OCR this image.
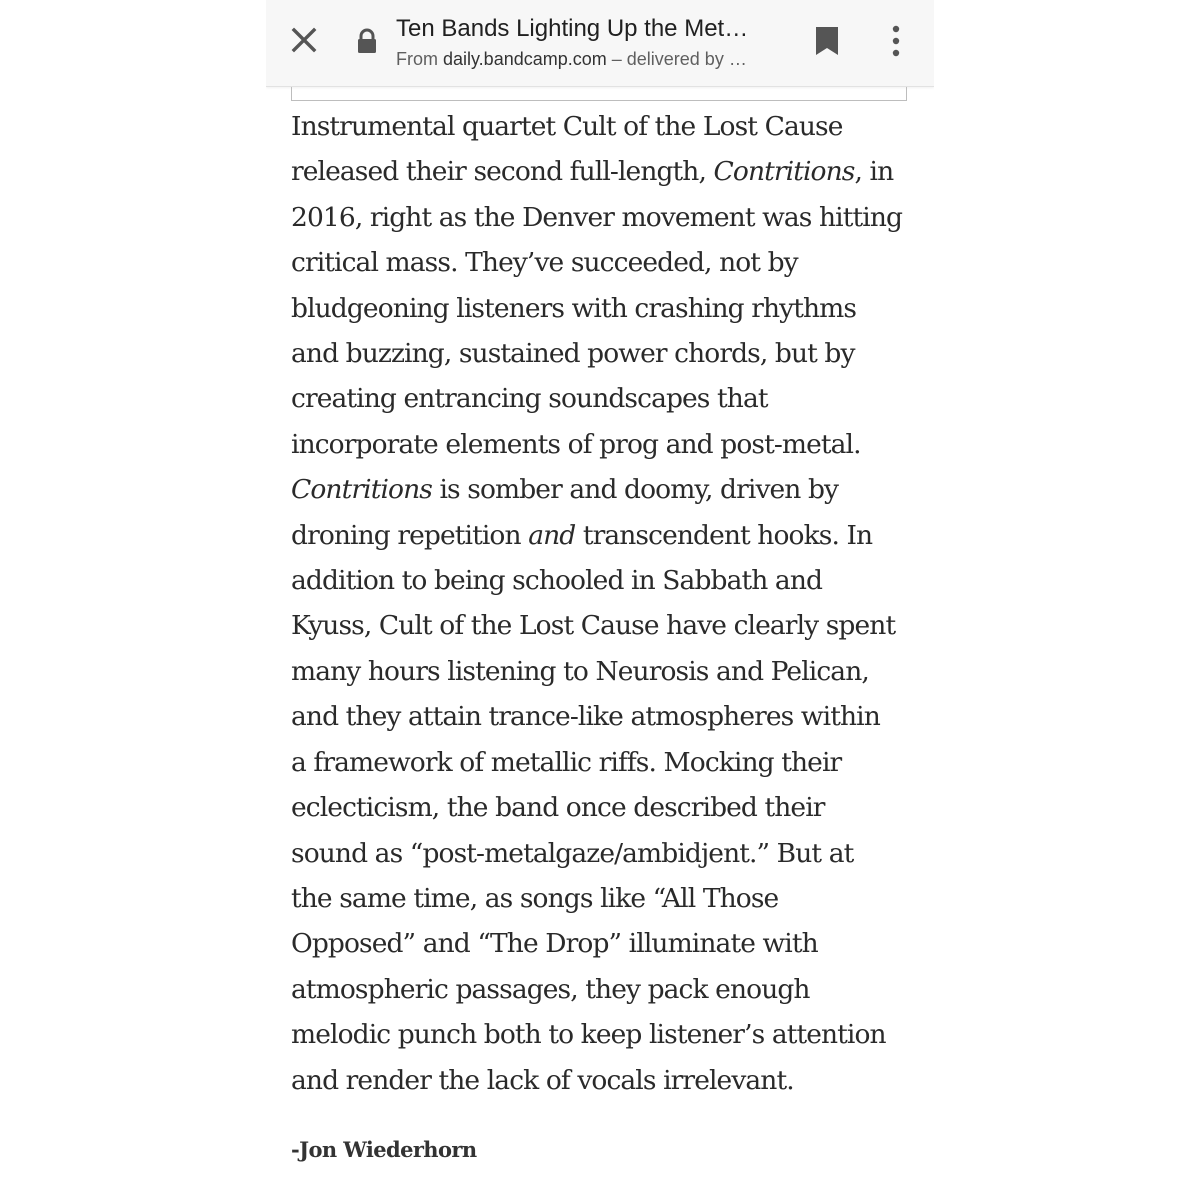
Ten Bands Lighting Up the Met…
From daily.bandcamp.com – delivered by …

Instrumental quartet Cult of the Lost Cause
released their second full-length, Contritions, in
2016, right as the Denver movement was hitting
critical mass. They’ve succeeded, not by
bludgeoning listeners with crashing rhythms
and buzzing, sustained power chords, but by
creating entrancing soundscapes that
incorporate elements of prog and post-metal.
Contritions is somber and doomy, driven by
droning repetition and transcendent hooks. In
addition to being schooled in Sabbath and
Kyuss, Cult of the Lost Cause have clearly spent
many hours listening to Neurosis and Pelican,
and they attain trance-like atmospheres within
a framework of metallic riffs. Mocking their
eclecticism, the band once described their
sound as “post-metalgaze/ambidjent.” But at
the same time, as songs like “All Those
Opposed” and “The Drop” illuminate with
atmospheric passages, they pack enough
melodic punch both to keep listener’s attention
and render the lack of vocals irrelevant.

-Jon Wiederhorn
